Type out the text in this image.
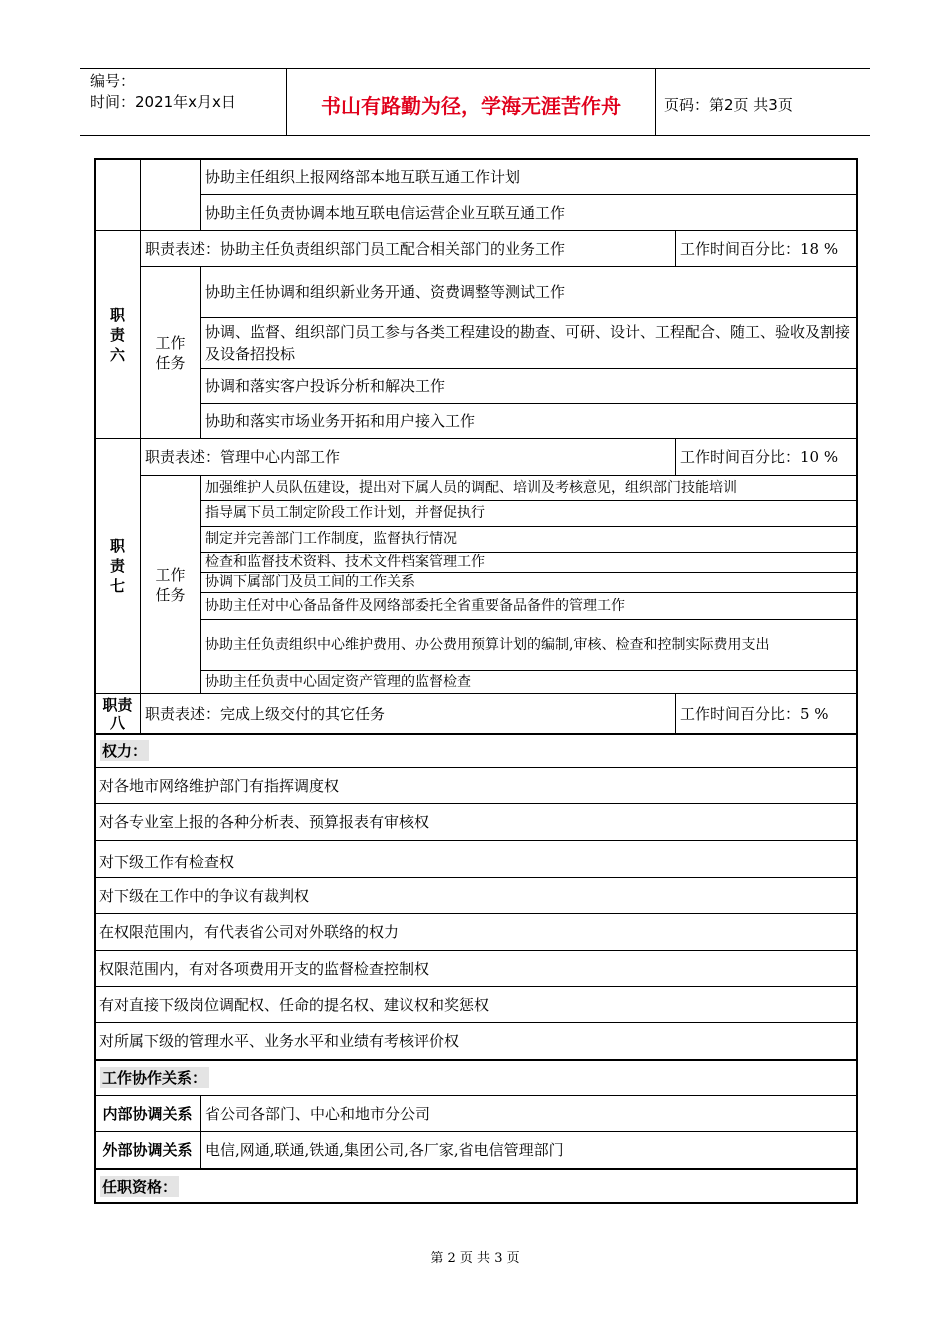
编号：
时间：2021年x月x日	书山有路勤为径，学海无涯苦作舟	页码：第2页 共3页
协助主任组织上报网络部本地互联互通工作计划
协助主任负责协调本地互联电信运营企业互联互通工作
职责六
职责表述：协助主任负责组织部门员工配合相关部门的业务工作	工作时间百分比：18 %
工作任务
协助主任协调和组织新业务开通、资费调整等测试工作
协调、监督、组织部门员工参与各类工程建设的勘查、可研、设计、工程配合、随工、验收及割接及设备招投标
协调和落实客户投诉分析和解决工作
协助和落实市场业务开拓和用户接入工作
职责七
职责表述：管理中心内部工作	工作时间百分比：10 %
工作任务
加强维护人员队伍建设，提出对下属人员的调配、培训及考核意见，组织部门技能培训
指导属下员工制定阶段工作计划，并督促执行
制定并完善部门工作制度，监督执行情况
检查和监督技术资料、技术文件档案管理工作
协调下属部门及员工间的工作关系
协助主任对中心备品备件及网络部委托全省重要备品备件的管理工作
协助主任负责组织中心维护费用、办公费用预算计划的编制,审核、检查和控制实际费用支出
协助主任负责中心固定资产管理的监督检查
职责八	职责表述：完成上级交付的其它任务	工作时间百分比：5 %
权力：
对各地市网络维护部门有指挥调度权
对各专业室上报的各种分析表、预算报表有审核权
对下级工作有检查权
对下级在工作中的争议有裁判权
在权限范围内，有代表省公司对外联络的权力
权限范围内，有对各项费用开支的监督检查控制权
有对直接下级岗位调配权、任命的提名权、建议权和奖惩权
对所属下级的管理水平、业务水平和业绩有考核评价权
工作协作关系：
内部协调关系 省公司各部门、中心和地市分公司
外部协调关系 电信,网通,联通,铁通,集团公司,各厂家,省电信管理部门
任职资格：
第 2 页 共 3 页
